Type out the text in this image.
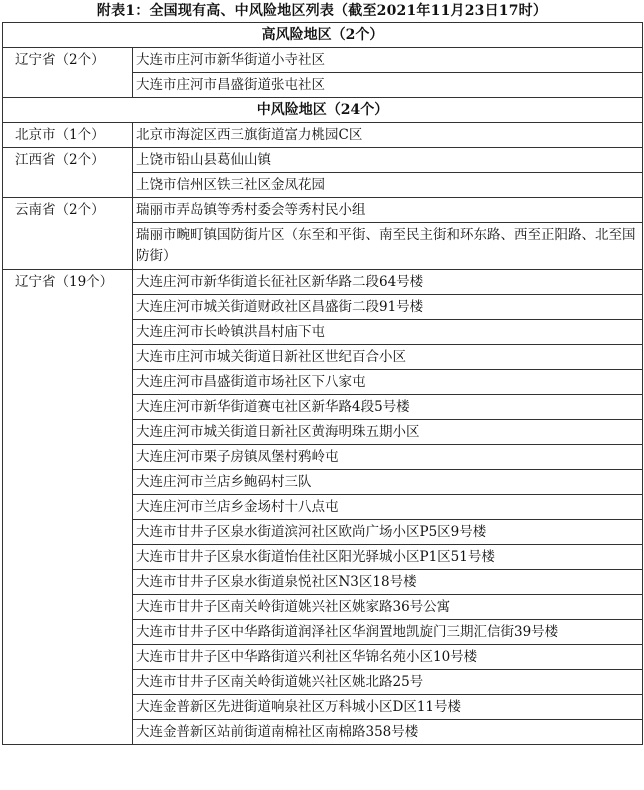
附表1：全国现有高、中风险地区列表（截至2021年11月23日17时）
高风险地区（2个）	
辽宁省（2个）	大连市庄河市新华街道小寺社区
	大连市庄河市昌盛街道张屯社区
中风险地区（24个）	
北京市（1个）	北京市海淀区西三旗街道富力桃园C区
江西省（2个）	上饶市铅山县葛仙山镇
	上饶市信州区铁三社区金凤花园
云南省（2个）	瑞丽市弄岛镇等秀村委会等秀村民小组
	瑞丽市畹町镇国防街片区（东至和平街、南至民主街和环东路、西至正阳路、北至国防街）
辽宁省（19个）	大连庄河市新华街道长征社区新华路二段64号楼
	大连庄河市城关街道财政社区昌盛街二段91号楼
	大连庄河市长岭镇洪昌村庙下屯
	大连市庄河市城关街道日新社区世纪百合小区
	大连庄河市昌盛街道市场社区下八家屯
	大连庄河市新华街道赛屯社区新华路4段5号楼
	大连庄河市城关街道日新社区黄海明珠五期小区
	大连庄河市栗子房镇凤堡村鸦岭屯
	大连庄河市兰店乡鲍码村三队
	大连庄河市兰店乡金场村十八点屯
	大连市甘井子区泉水街道滨河社区欧尚广场小区P5区9号楼
	大连市甘井子区泉水街道怡佳社区阳光驿城小区P1区51号楼
	大连市甘井子区泉水街道泉悦社区N3区18号楼
	大连市甘井子区南关岭街道姚兴社区姚家路36号公寓
	大连市甘井子区中华路街道润泽社区华润置地凯旋门三期汇信街39号楼
	大连市甘井子区中华路街道兴利社区华锦名苑小区10号楼
	大连市甘井子区南关岭街道姚兴社区姚北路25号
	大连金普新区先进街道响泉社区万科城小区D区11号楼
	大连金普新区站前街道南棉社区南棉路358号楼
